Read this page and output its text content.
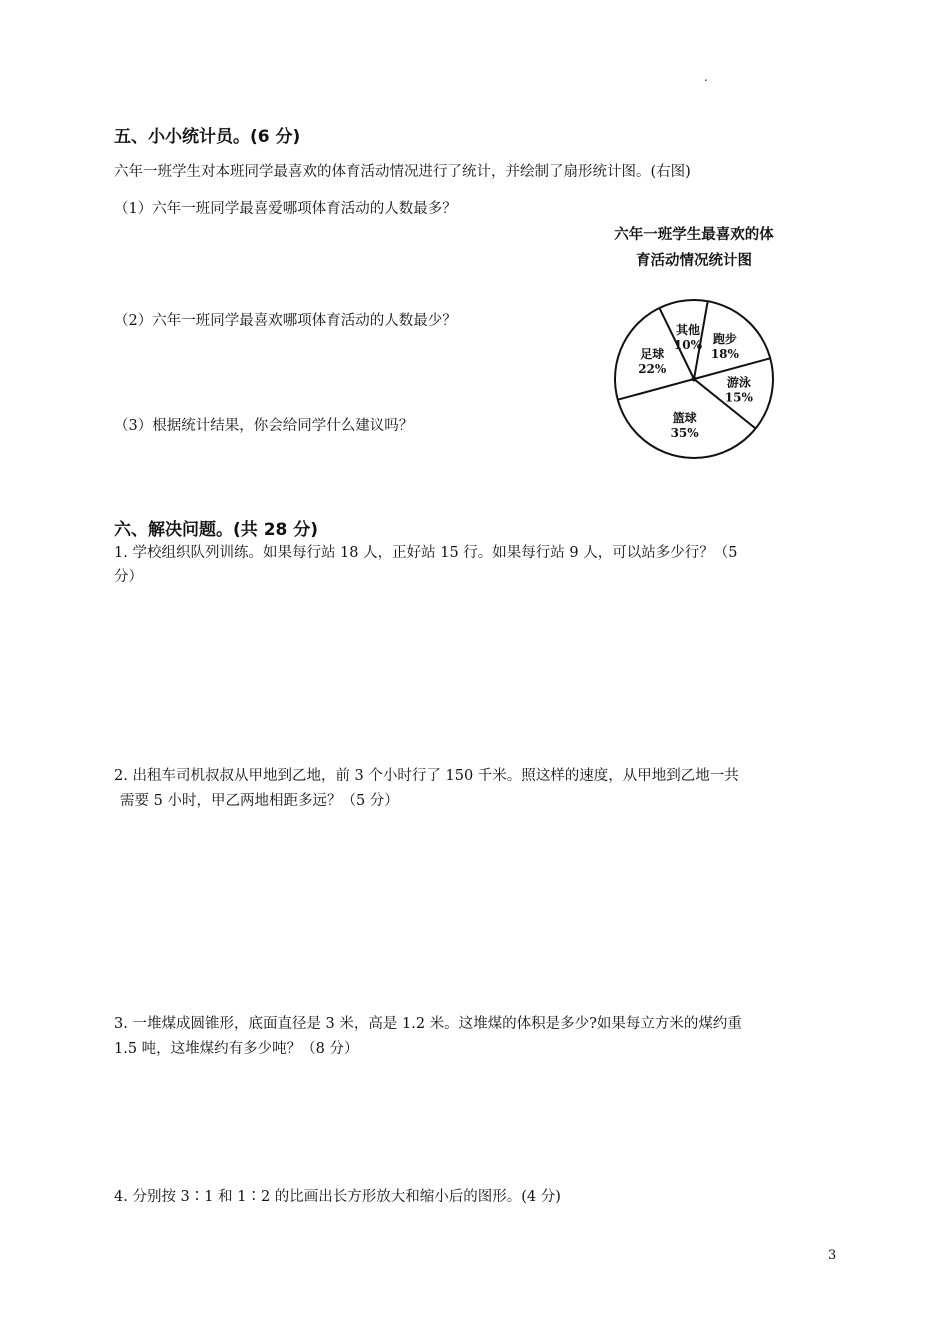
.
五、小小统计员。(6 分)
六年一班学生对本班同学最喜欢的体育活动情况进行了统计，并绘制了扇形统计图。(右图)
（1）六年一班同学最喜爱哪项体育活动的人数最多？
（2）六年一班同学最喜欢哪项体育活动的人数最少？
（3）根据统计结果，你会给同学什么建议吗？
六年一班学生最喜欢的体
育活动情况统计图
跑步
18%
游泳
15%
篮球
35%
足球
22%
其他
10%
六、解决问题。(共 28 分)
1. 学校组织队列训练。如果每行站 18 人，正好站 15 行。如果每行站 9 人，可以站多少行？（5
分）
2. 出租车司机叔叔从甲地到乙地，前 3 个小时行了 150 千米。照这样的速度，从甲地到乙地一共
需要 5 小时，甲乙两地相距多远？（5 分）
3. 一堆煤成圆锥形，底面直径是 3 米，高是 1.2 米。这堆煤的体积是多少?如果每立方米的煤约重
1.5 吨，这堆煤约有多少吨？（8 分）
4. 分别按 3∶1 和 1∶2 的比画出长方形放大和缩小后的图形。(4 分)
3
